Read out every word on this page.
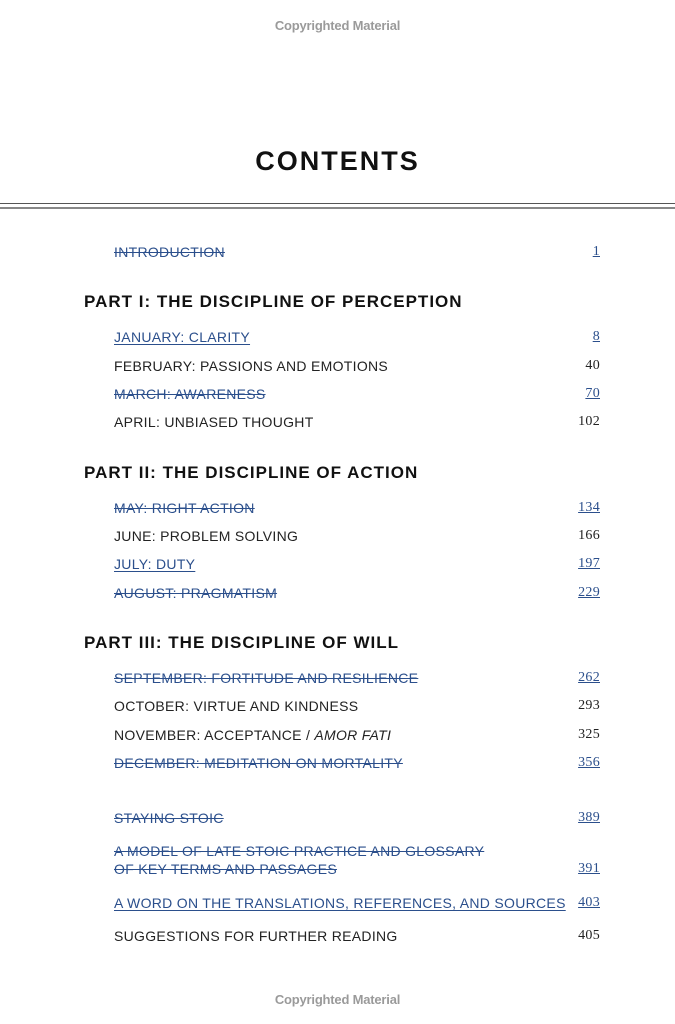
Copyrighted Material
CONTENTS
INTRODUCTION	1
PART I: THE DISCIPLINE OF PERCEPTION
JANUARY: CLARITY	8
FEBRUARY: PASSIONS AND EMOTIONS	40
MARCH: AWARENESS	70
APRIL: UNBIASED THOUGHT	102
PART II: THE DISCIPLINE OF ACTION
MAY: RIGHT ACTION	134
JUNE: PROBLEM SOLVING	166
JULY: DUTY	197
AUGUST: PRAGMATISM	229
PART III: THE DISCIPLINE OF WILL
SEPTEMBER: FORTITUDE AND RESILIENCE	262
OCTOBER: VIRTUE AND KINDNESS	293
NOVEMBER: ACCEPTANCE / AMOR FATI	325
DECEMBER: MEDITATION ON MORTALITY	356
STAYING STOIC	389
A MODEL OF LATE STOIC PRACTICE AND GLOSSARY
OF KEY TERMS AND PASSAGES	391
A WORD ON THE TRANSLATIONS, REFERENCES, AND SOURCES 403
SUGGESTIONS FOR FURTHER READING	405
Copyrighted Material
